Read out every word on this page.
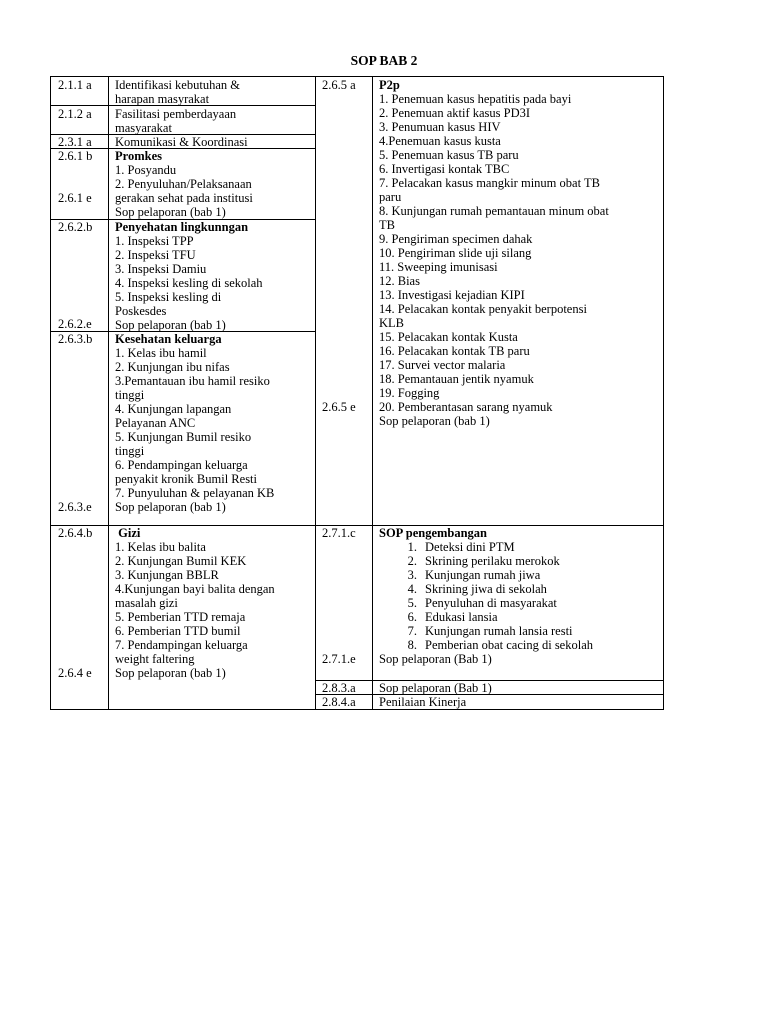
SOP BAB 2
2.1.1 a
2.1.2 a
2.3.1 a
2.6.1 b
2.6.1 e
2.6.2.b
2.6.2.e
2.6.3.b
2.6.3.e
2.6.4.b
2.6.4 e
Identifikasi kebutuhan &
harapan masyrakat
Fasilitasi pemberdayaan
masyarakat
Komunikasi & Koordinasi
Promkes
1. Posyandu
2. Penyuluhan/Pelaksanaan
gerakan sehat pada institusi
Sop pelaporan (bab 1)
Penyehatan lingkunngan
1. Inspeksi TPP
2. Inspeksi TFU
3. Inspeksi Damiu
4. Inspeksi kesling di sekolah
5. Inspeksi kesling di
Poskesdes
Sop pelaporan (bab 1)
Kesehatan keluarga
1. Kelas ibu hamil
2. Kunjungan ibu nifas
3.Pemantauan ibu hamil resiko
tinggi
4. Kunjungan lapangan
Pelayanan ANC
5. Kunjungan Bumil resiko
tinggi
6. Pendampingan keluarga
penyakit kronik Bumil Resti
7. Punyuluhan & pelayanan KB
Sop pelaporan (bab 1)
Gizi
1. Kelas ibu balita
2. Kunjungan Bumil KEK
3. Kunjungan BBLR
4.Kunjungan bayi balita dengan
masalah gizi
5. Pemberian TTD remaja
6. Pemberian TTD bumil
7. Pendampingan keluarga
weight faltering
Sop pelaporan (bab 1)
2.6.5 a
2.6.5 e
2.7.1.c
2.7.1.e
2.8.3.a
2.8.4.a
P2p
1. Penemuan kasus hepatitis pada bayi
2. Penemuan aktif kasus PD3I
3. Penumuan kasus HIV
4.Penemuan kasus kusta
5. Penemuan kasus TB paru
6. Invertigasi kontak TBC
7. Pelacakan kasus mangkir minum obat TB
paru
8. Kunjungan rumah pemantauan minum obat
TB
9. Pengiriman specimen dahak
10. Pengiriman slide uji silang
11. Sweeping imunisasi
12. Bias
13. Investigasi kejadian KIPI
14. Pelacakan kontak penyakit berpotensi
KLB
15. Pelacakan kontak Kusta
16. Pelacakan kontak TB paru
17. Survei vector malaria
18. Pemantauan jentik nyamuk
19. Fogging
20. Pemberantasan sarang nyamuk
Sop pelaporan (bab 1)
SOP pengembangan
1. Deteksi dini PTM
2. Skrining perilaku merokok
3. Kunjungan rumah jiwa
4. Skrining jiwa di sekolah
5. Penyuluhan di masyarakat
6. Edukasi lansia
7. Kunjungan rumah lansia resti
8. Pemberian obat cacing di sekolah
Sop pelaporan (Bab 1)
Sop pelaporan (Bab 1)
Penilaian Kinerja
